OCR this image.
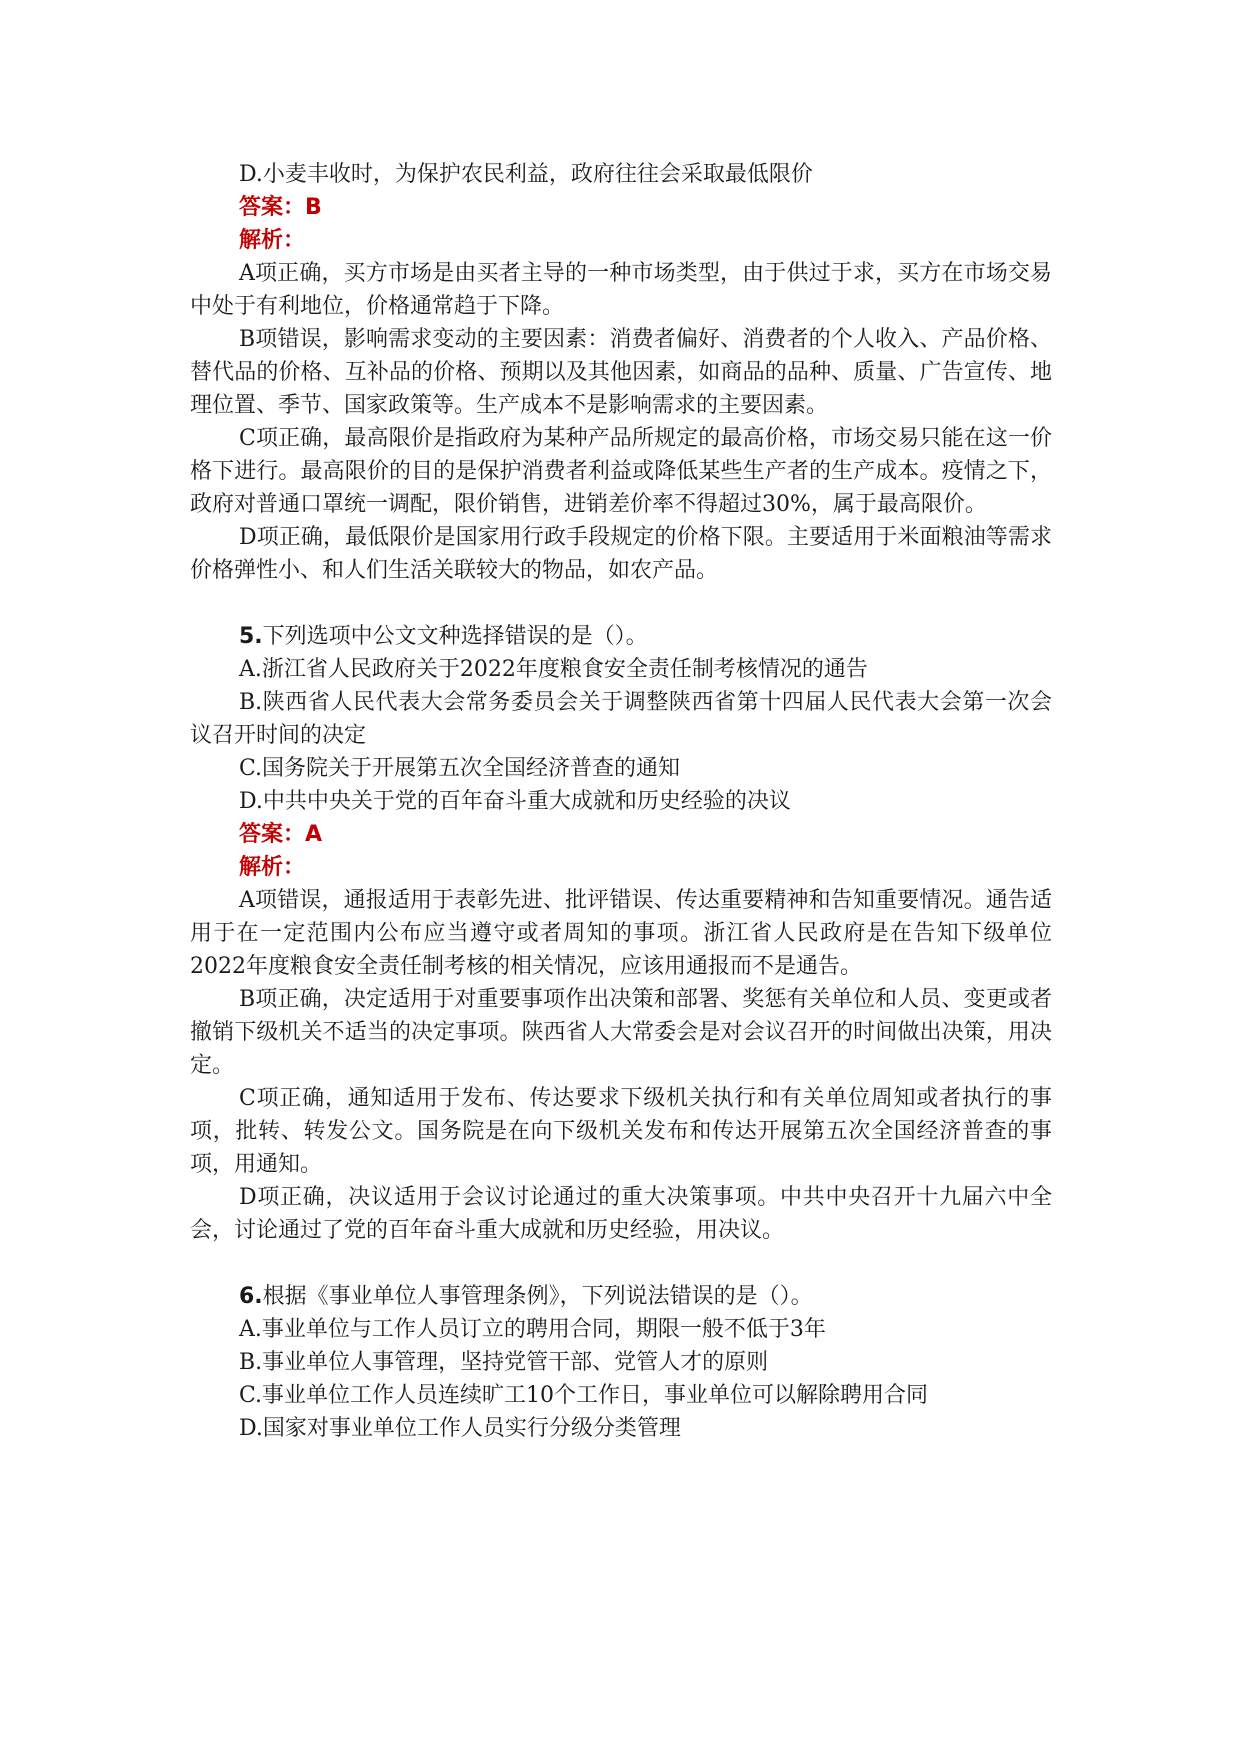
D.小麦丰收时，为保护农民利益，政府往往会采取最低限价

答案：B

解析：

A项正确，买方市场是由买者主导的一种市场类型，由于供过于求，买方在市场交易中处于有利地位，价格通常趋于下降。

B项错误，影响需求变动的主要因素：消费者偏好、消费者的个人收入、产品价格、替代品的价格、互补品的价格、预期以及其他因素，如商品的品种、质量、广告宣传、地理位置、季节、国家政策等。生产成本不是影响需求的主要因素。

C项正确，最高限价是指政府为某种产品所规定的最高价格，市场交易只能在这一价格下进行。最高限价的目的是保护消费者利益或降低某些生产者的生产成本。疫情之下，政府对普通口罩统一调配，限价销售，进销差价率不得超过30%，属于最高限价。

D项正确，最低限价是国家用行政手段规定的价格下限。主要适用于米面粮油等需求价格弹性小、和人们生活关联较大的物品，如农产品。

5.下列选项中公文文种选择错误的是（）。

A.浙江省人民政府关于2022年度粮食安全责任制考核情况的通告

B.陕西省人民代表大会常务委员会关于调整陕西省第十四届人民代表大会第一次会议召开时间的决定

C.国务院关于开展第五次全国经济普查的通知

D.中共中央关于党的百年奋斗重大成就和历史经验的决议

答案：A

解析：

A项错误，通报适用于表彰先进、批评错误、传达重要精神和告知重要情况。通告适用于在一定范围内公布应当遵守或者周知的事项。浙江省人民政府是在告知下级单位2022年度粮食安全责任制考核的相关情况，应该用通报而不是通告。

B项正确，决定适用于对重要事项作出决策和部署、奖惩有关单位和人员、变更或者撤销下级机关不适当的决定事项。陕西省人大常委会是对会议召开的时间做出决策，用决定。

C项正确，通知适用于发布、传达要求下级机关执行和有关单位周知或者执行的事项，批转、转发公文。国务院是在向下级机关发布和传达开展第五次全国经济普查的事项，用通知。

D项正确，决议适用于会议讨论通过的重大决策事项。中共中央召开十九届六中全会，讨论通过了党的百年奋斗重大成就和历史经验，用决议。

6.根据《事业单位人事管理条例》，下列说法错误的是（）。

A.事业单位与工作人员订立的聘用合同，期限一般不低于3年

B.事业单位人事管理，坚持党管干部、党管人才的原则

C.事业单位工作人员连续旷工10个工作日，事业单位可以解除聘用合同

D.国家对事业单位工作人员实行分级分类管理
